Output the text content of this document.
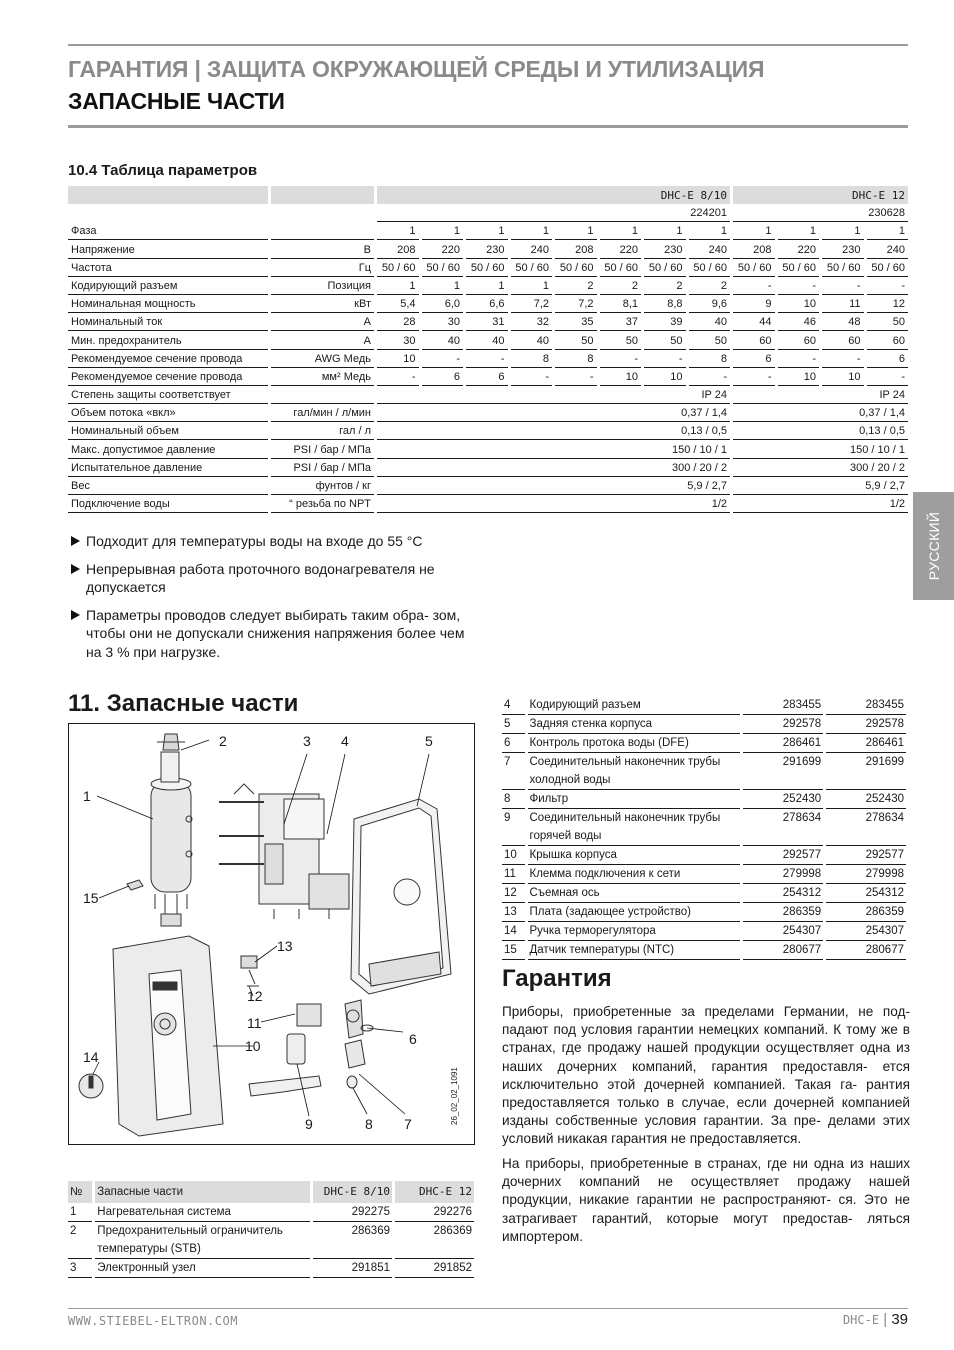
ГАРАНТИЯ | ЗАЩИТА ОКРУЖАЮЩЕЙ СРЕДЫ И УТИЛИЗАЦИЯ
ЗАПАСНЫЕ ЧАСТИ
10.4 Таблица параметров
		DHC-E 8/10								DHC-E 12			
		224201								230628			
Фаза		1	1	1	1	1	1	1	1	1	1	1	1
Напряжение	В	208	220	230	240	208	220	230	240	208	220	230	240
Частота	Гц	50 / 60	50 / 60	50 / 60	50 / 60	50 / 60	50 / 60	50 / 60	50 / 60	50 / 60	50 / 60	50 / 60	50 / 60
Кодирующий разъем	Позиция	1	1	1	1	2	2	2	2	-	-	-	-
Номинальная мощность	кВт	5,4	6,0	6,6	7,2	7,2	8,1	8,8	9,6	9	10	11	12
Номинальный ток	А	28	30	31	32	35	37	39	40	44	46	48	50
Мин. предохранитель	А	30	40	40	40	50	50	50	50	60	60	60	60
Рекомендуемое сечение провода	AWG Медь	10	-	-	8	8	-	-	8	6	-	-	6
Рекомендуемое сечение провода	мм² Медь	-	6	6	-	-	10	10	-	-	10	10	-
Степень защиты соответствует		IP 24								IP 24			
Объем потока «вкл»	гал/мин / л/мин	0,37 / 1,4								0,37 / 1,4			
Номинальный объем	гал / л	0,13 / 0,5								0,13 / 0,5			
Макс. допустимое давление	PSI / бар / МПа	150 / 10 / 1								150 / 10 / 1			
Испытательное давление	PSI / бар / МПа	300 / 20 / 2								300 / 20 / 2			
Вес	фунтов / кг	5,9 / 2,7								5,9 / 2,7			
Подключение воды	“ резьба по NPT	1/2								1/2			
Подходит для температуры воды на входе до 55 °C
Непрерывная работа проточного водонагревателя не допускается
Параметры проводов следует выбирать таким обра- зом, чтобы они не допускали снижения напряжения более чем на 3 % при нагрузке.
РУССКИЙ
11. Запасные части
2	3 4	5
1
15
13
12
11
10
14
6
9	8 7	26_02_02_1091
№	Запасные части	DHC-E 8/10	DHC-E 12
1	Нагревательная система	292275	292276
2	Предохранительный ограничитель температуры (STB)	286369	286369
3	Электронный узел	291851	291852
4	Кодирующий разъем	283455	283455
5	Задняя стенка корпуса	292578	292578
6	Контроль протока воды (DFE)	286461	286461
7	Соединительный наконечник трубы холодной воды	291699	291699
8	Фильтр	252430	252430
9	Соединительный наконечник трубы горячей воды	278634	278634
10	Крышка корпуса	292577	292577
11	Клемма подключения к сети	279998	279998
12	Съемная ось	254312	254312
13	Плата (задающее устройство)	286359	286359
14	Ручка терморегулятора	254307	254307
15	Датчик температуры (NTC)	280677	280677
Гарантия
Приборы, приобретенные за пределами Германии, не под- падают под условия гарантии немецких компаний. К тому же в странах, где продажу нашей продукции осуществляет одна из наших дочерних компаний, гарантия предоставля- ется исключительно этой дочерней компанией. Такая га- рантия предоставляется только в случае, если дочерней компанией изданы собственные условия гарантии. За пре- делами этих условий никакая гарантия не предоставляется.
На приборы, приобретенные в странах, где ни одна из наших дочерних компаний не осуществляет продажу нашей продукции, никакие гарантии не распространяют- ся. Это не затрагивает гарантий, которые могут предостав- ляться импортером.
WWW.STIEBEL-ELTRON.COM	DHC-E | 39
